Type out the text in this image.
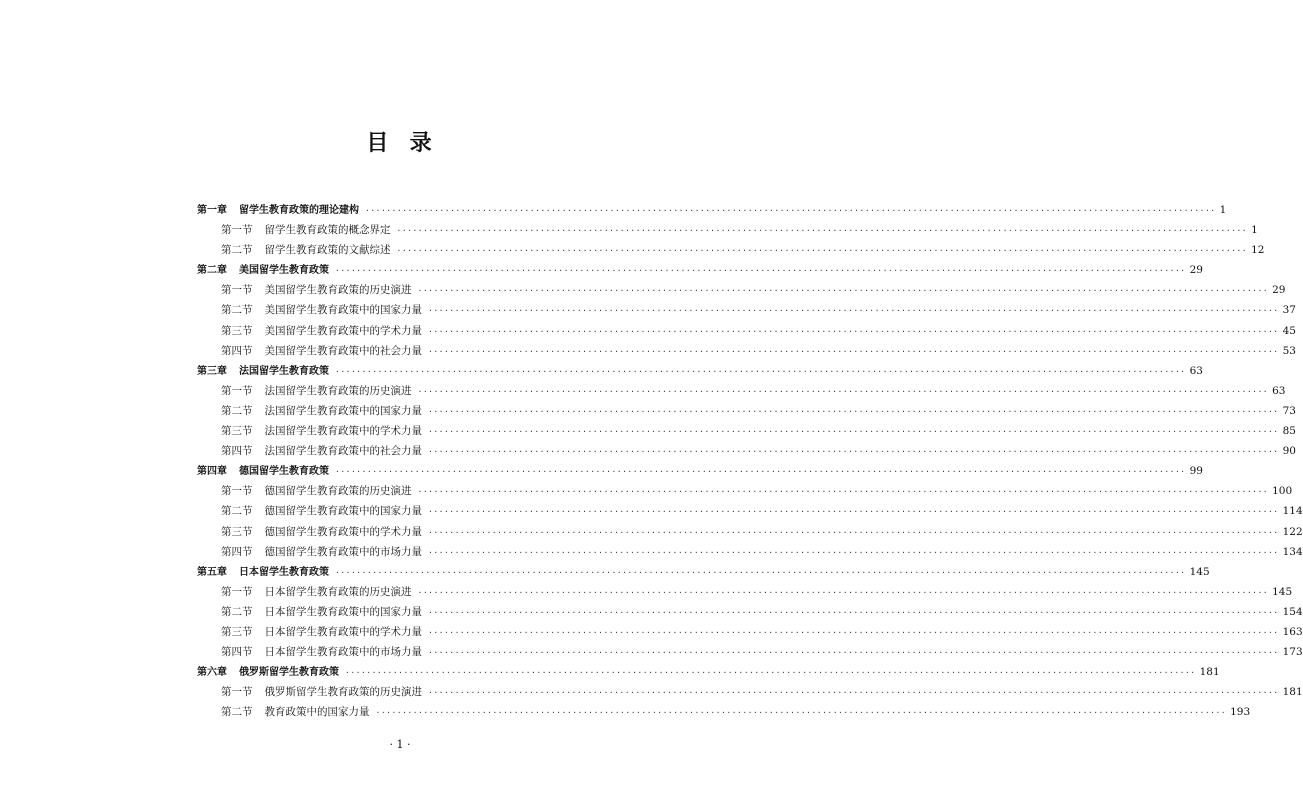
目  录
第一章 留学生教育政策的理论建构 ································································································································································ 1
第一节 留学生教育政策的概念界定 ································································································································································ 1
第二节 留学生教育政策的文献综述 ································································································································································ 12
第二章 美国留学生教育政策 ································································································································································ 29
第一节 美国留学生教育政策的历史演进 ································································································································································ 29
第二节 美国留学生教育政策中的国家力量 ································································································································································ 37
第三节 美国留学生教育政策中的学术力量 ································································································································································ 45
第四节 美国留学生教育政策中的社会力量 ································································································································································ 53
第三章 法国留学生教育政策 ································································································································································ 63
第一节 法国留学生教育政策的历史演进 ································································································································································ 63
第二节 法国留学生教育政策中的国家力量 ································································································································································ 73
第三节 法国留学生教育政策中的学术力量 ································································································································································ 85
第四节 法国留学生教育政策中的社会力量 ································································································································································ 90
第四章 德国留学生教育政策 ································································································································································ 99
第一节 德国留学生教育政策的历史演进 ································································································································································ 100
第二节 德国留学生教育政策中的国家力量 ································································································································································ 114
第三节 德国留学生教育政策中的学术力量 ································································································································································ 122
第四节 德国留学生教育政策中的市场力量 ································································································································································ 134
第五章 日本留学生教育政策 ································································································································································ 145
第一节 日本留学生教育政策的历史演进 ································································································································································ 145
第二节 日本留学生教育政策中的国家力量 ································································································································································ 154
第三节 日本留学生教育政策中的学术力量 ································································································································································ 163
第四节 日本留学生教育政策中的市场力量 ································································································································································ 173
第六章 俄罗斯留学生教育政策 ································································································································································ 181
第一节 俄罗斯留学生教育政策的历史演进 ································································································································································ 181
第二节 教育政策中的国家力量 ································································································································································ 193
· 1 ·
